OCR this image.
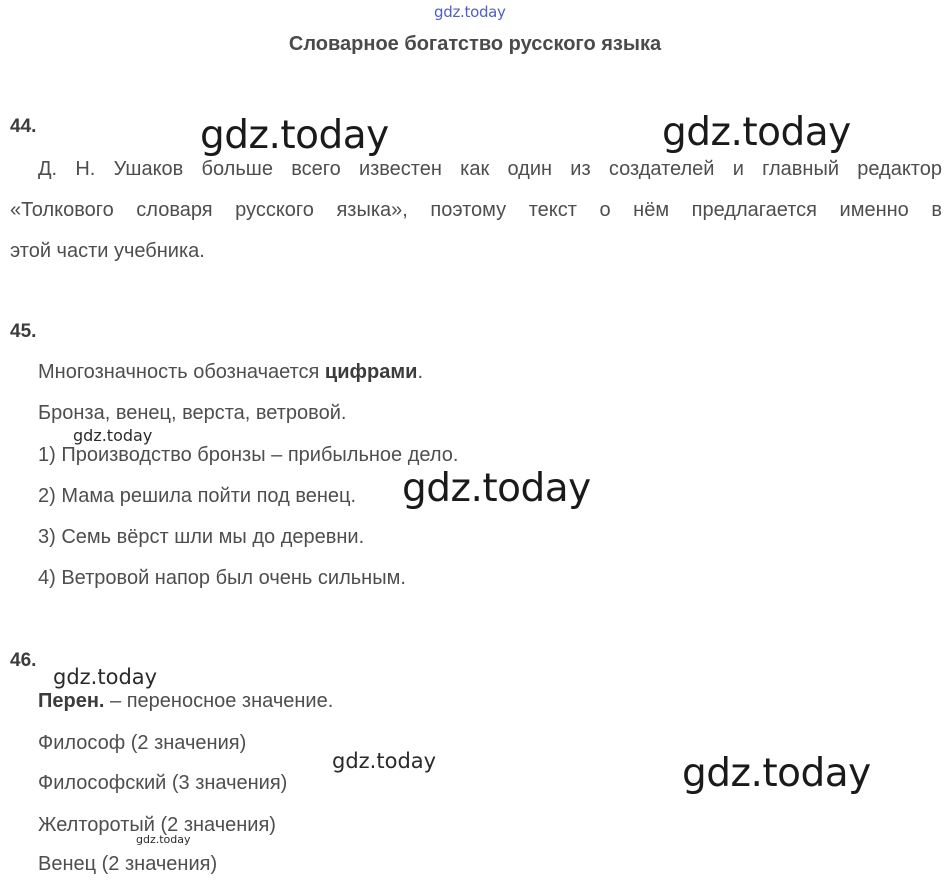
gdz.today
Словарное богатство русского языка
44.
Д. Н. Ушаков больше всего известен как один из создателей и главный редактор
«Толкового словаря русского языка», поэтому текст о нём предлагается именно в
этой части учебника.
45.
Многозначность обозначается цифрами.
Бронза, венец, верста, ветровой.
1) Производство бронзы – прибыльное дело.
2) Мама решила пойти под венец.
3) Семь вёрст шли мы до деревни.
4) Ветровой напор был очень сильным.
46.
Перен. – переносное значение.
Философ (2 значения)
Философский (3 значения)
Желторотый (2 значения)
Венец (2 значения)
gdz.today	gdz.today
gdz.today
gdz.today
gdz.today
gdz.today	gdz.today
gdz.today
